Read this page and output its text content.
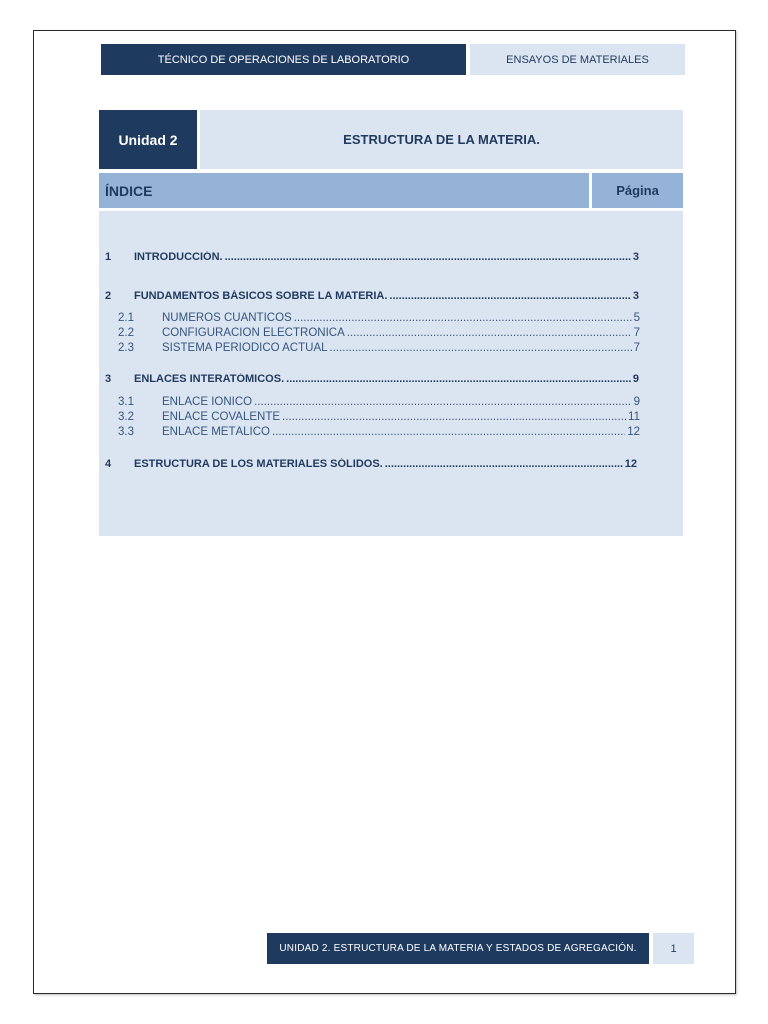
TÉCNICO DE OPERACIONES DE LABORATORIO	ENSAYOS DE MATERIALES
Unidad 2	ESTRUCTURA DE LA MATERIA.
ÍNDICE	Página
1	INTRODUCCIÓN. .....	3
2	FUNDAMENTOS BÁSICOS SOBRE LA MATERIA. .....	3
2.1	NÚMEROS CUÁNTICOS .....	5
2.2	CONFIGURACIÓN ELECTRÓNICA .....	7
2.3	SISTEMA PERIÓDICO ACTUAL .....	7
3	ENLACES INTERATÓMICOS. .....	9
3.1	ENLACE IÓNICO .....	9
3.2	ENLACE COVALENTE .....	11
3.3	ENLACE METÁLICO .....	12
4	ESTRUCTURA DE LOS MATERIALES SÓLIDOS. .....	12
UNIDAD 2. ESTRUCTURA DE LA MATERIA Y ESTADOS DE AGREGACIÓN.	1
